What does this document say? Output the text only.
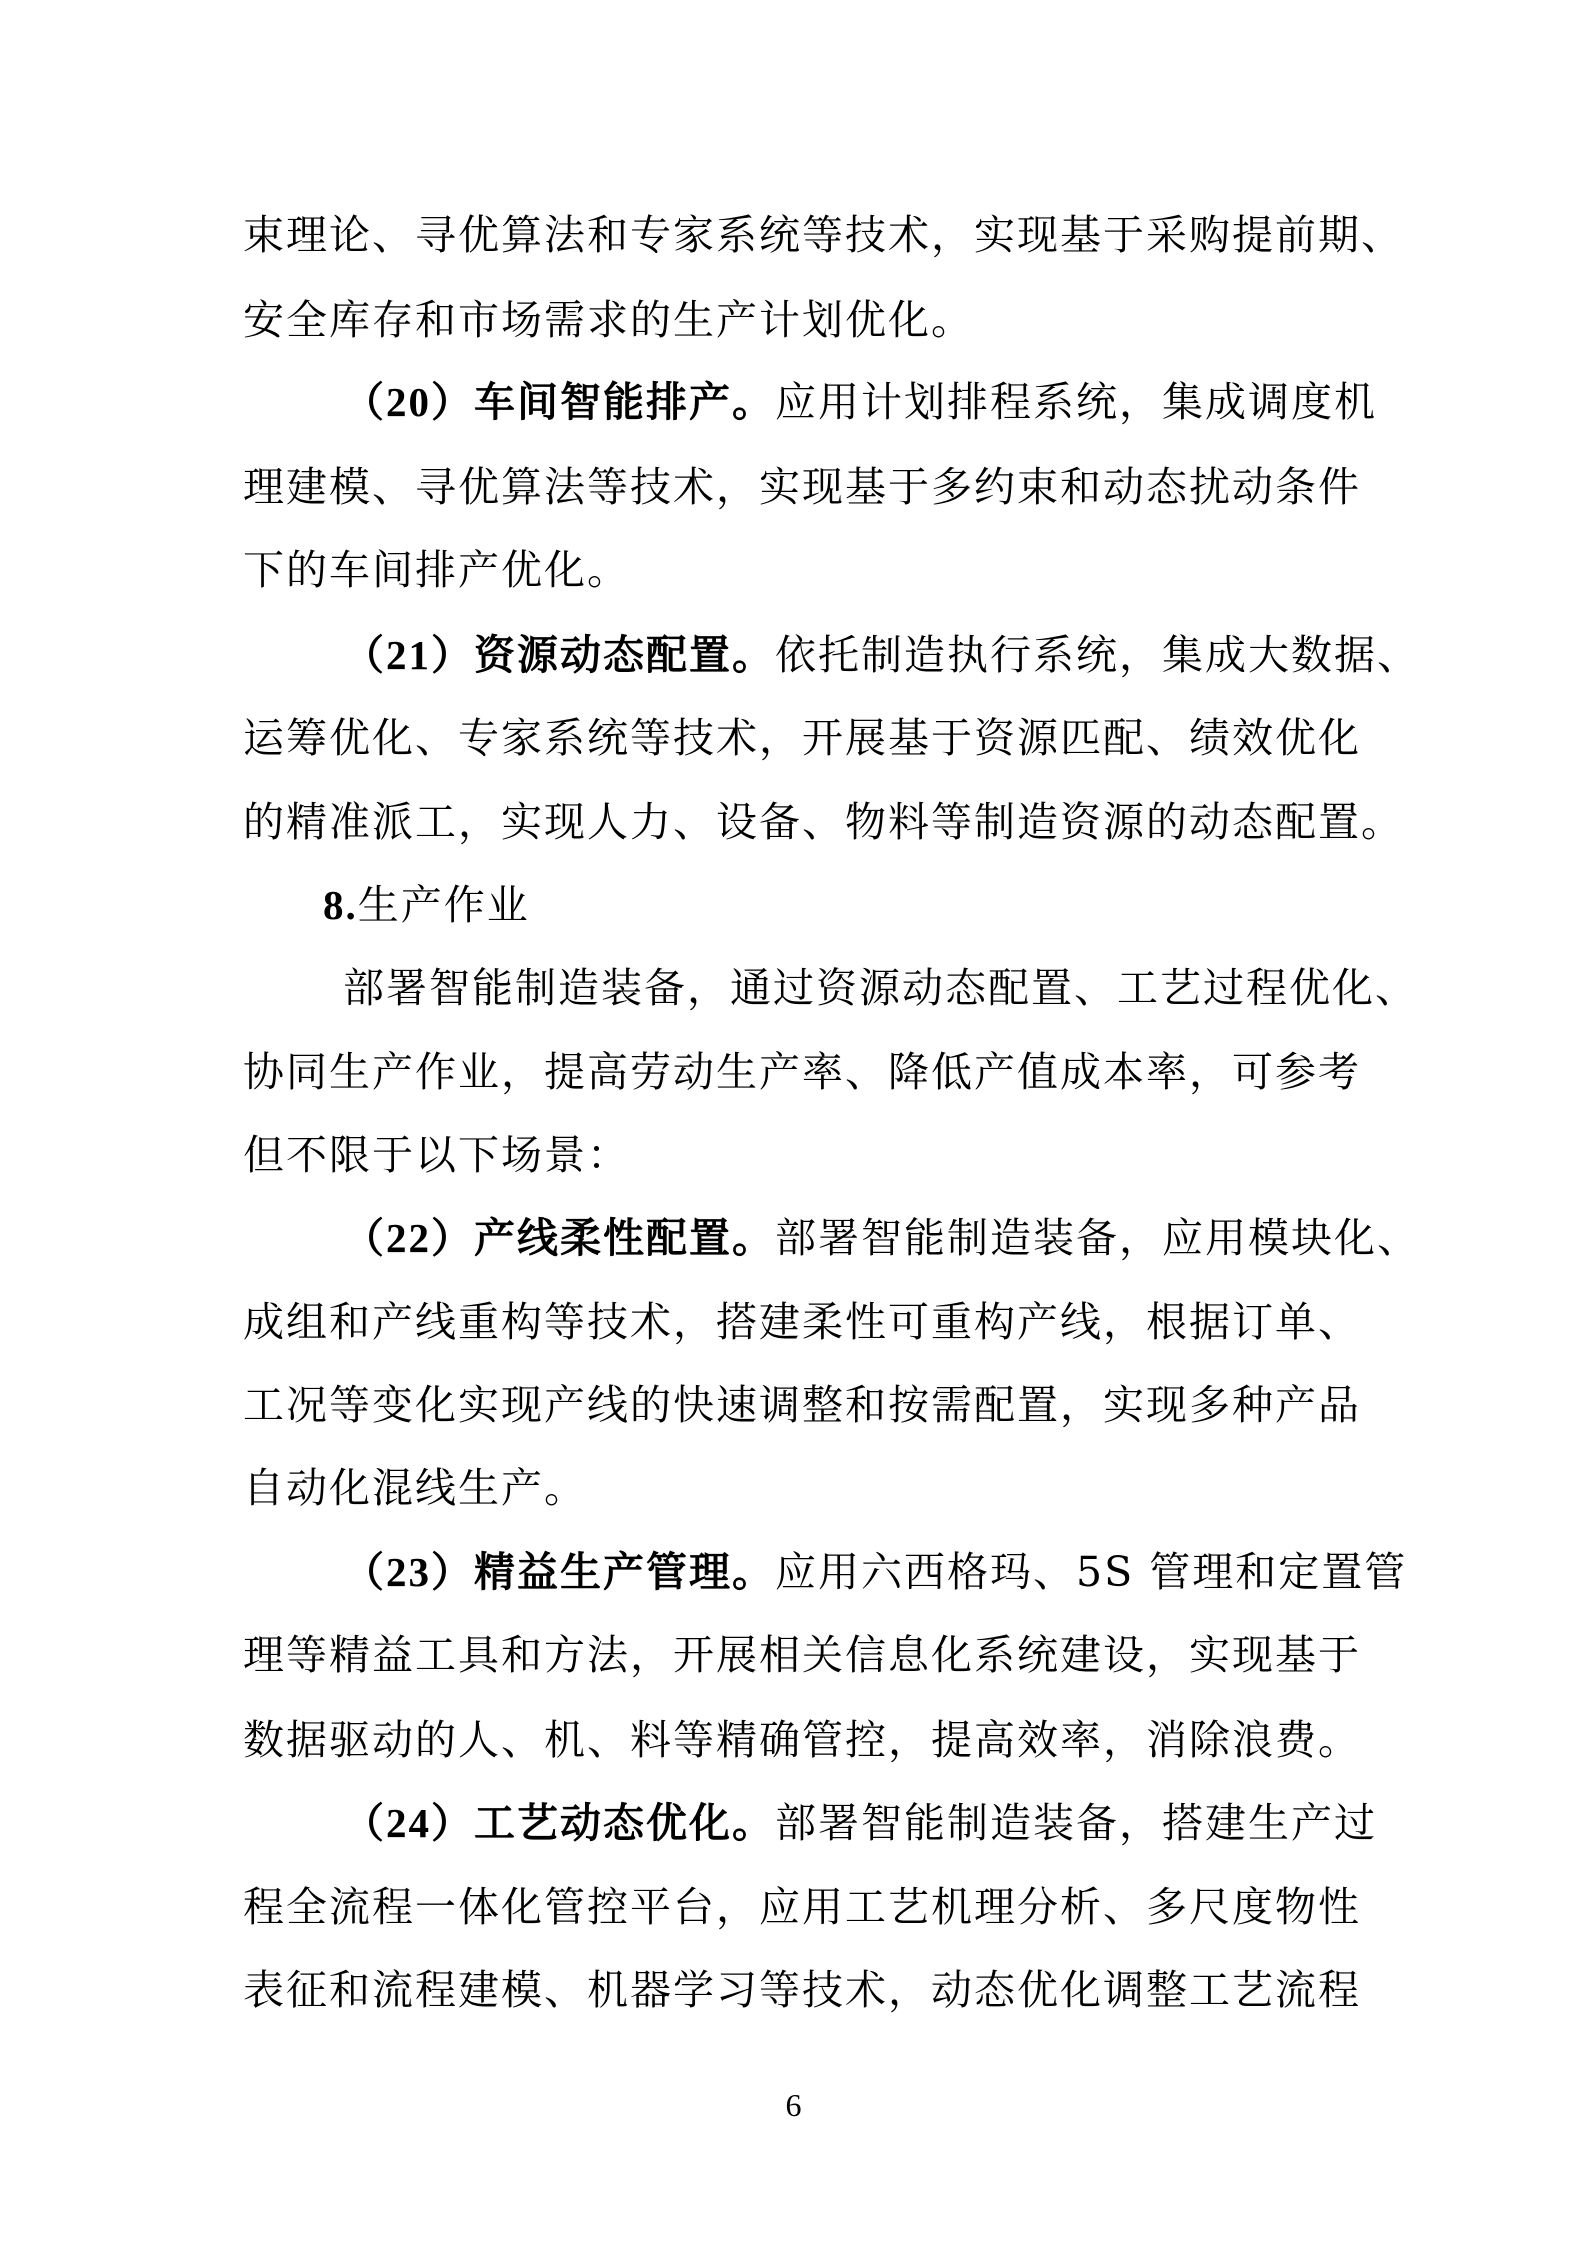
束理论、寻优算法和专家系统等技术，实现基于采购提前期、
安全库存和市场需求的生产计划优化。
（20）车间智能排产。应用计划排程系统，集成调度机
理建模、寻优算法等技术，实现基于多约束和动态扰动条件
下的车间排产优化。
（21）资源动态配置。依托制造执行系统，集成大数据、
运筹优化、专家系统等技术，开展基于资源匹配、绩效优化
的精准派工，实现人力、设备、物料等制造资源的动态配置。
8.生产作业
部署智能制造装备，通过资源动态配置、工艺过程优化、
协同生产作业，提高劳动生产率、降低产值成本率，可参考
但不限于以下场景：
（22）产线柔性配置。部署智能制造装备，应用模块化、
成组和产线重构等技术，搭建柔性可重构产线，根据订单、
工况等变化实现产线的快速调整和按需配置，实现多种产品
自动化混线生产。
（23）精益生产管理。应用六西格玛、5S 管理和定置管
理等精益工具和方法，开展相关信息化系统建设，实现基于
数据驱动的人、机、料等精确管控，提高效率，消除浪费。
（24）工艺动态优化。部署智能制造装备，搭建生产过
程全流程一体化管控平台，应用工艺机理分析、多尺度物性
表征和流程建模、机器学习等技术，动态优化调整工艺流程
6
